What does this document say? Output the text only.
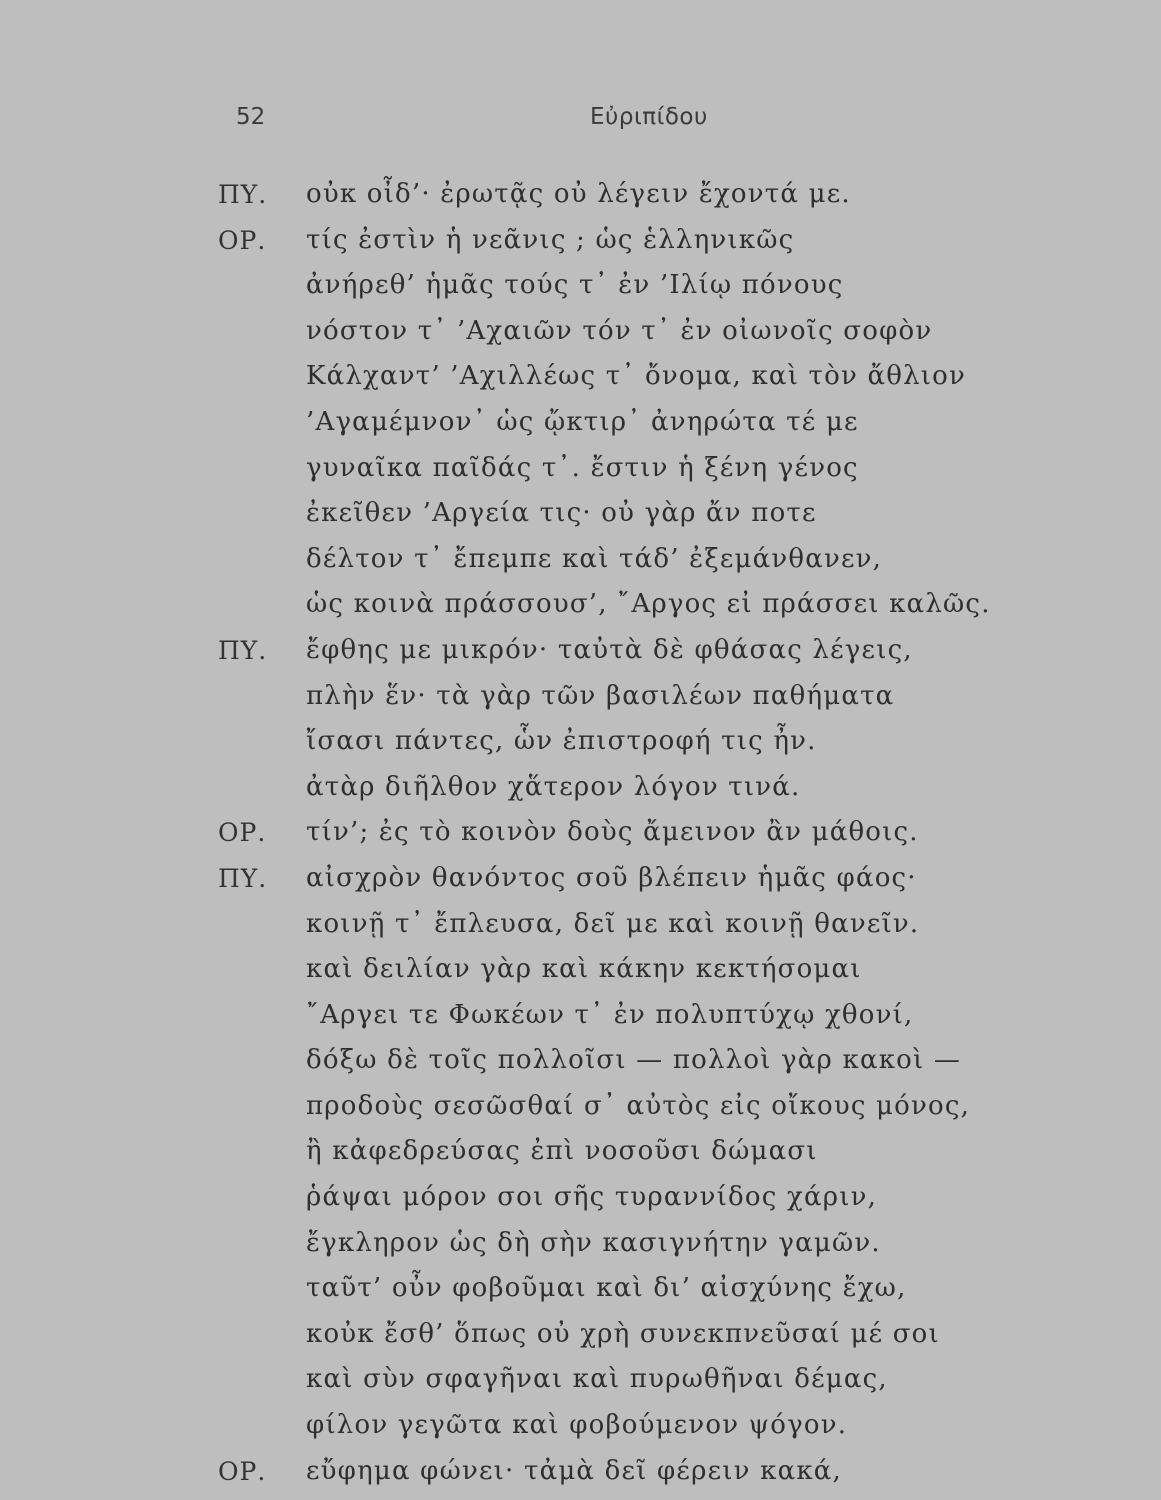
52	Εὐριπίδου
ΠΥ. οὐκ οἶδ’· ἐρωτᾷς οὐ λέγειν ἔχοντά με.
ΟΡ. τίς ἐστὶν ἡ νεᾶνις ; ὡς ἑλληνικῶς
ἀνήρεθ’ ἡμᾶς τούς τ᾽ ἐν ’Ιλίῳ πόνους
νόστον τ᾽ ’Αχαιῶν τόν τ᾽ ἐν οἰωνοῖς σοφὸν
Κάλχαντ’ ’Αχιλλέως τ᾽ ὄνομα, καὶ τὸν ἄθλιον
’Αγαμέμνον᾽ ὡς ᾤκτιρ᾽ ἀνηρώτα τέ με
γυναῖκα παῖδάς τ᾽. ἔστιν ἡ ξένη γένος
ἐκεῖθεν ’Αργεία τις· οὐ γὰρ ἄν ποτε
δέλτον τ᾽ ἔπεμπε καὶ τάδ’ ἐξεμάνθανεν,
ὡς κοινὰ πράσσουσ’, ῎Αργος εἰ πράσσει καλῶς.
ΠΥ. ἔφθης με μικρόν· ταὐτὰ δὲ φθάσας λέγεις,
πλὴν ἕν· τὰ γὰρ τῶν βασιλέων παθήματα
ἴσασι πάντες, ὧν ἐπιστροφή τις ἦν.
ἀτὰρ διῆλθον χἅτερον λόγον τινά.
ΟΡ. τίν’; ἐς τὸ κοινὸν δοὺς ἄμεινον ἂν μάθοις.
ΠΥ. αἰσχρὸν θανόντος σοῦ βλέπειν ἡμᾶς φάος·
κοινῇ τ᾽ ἔπλευσα, δεῖ με καὶ κοινῇ θανεῖν.
καὶ δειλίαν γὰρ καὶ κάκην κεκτήσομαι
῎Αργει τε Φωκέων τ᾽ ἐν πολυπτύχῳ χθονί,
δόξω δὲ τοῖς πολλοῖσι — πολλοὶ γὰρ κακοὶ —
προδοὺς σεσῶσθαί σ᾽ αὐτὸς εἰς οἴκους μόνος,
ἢ κἀφεδρεύσας ἐπὶ νοσοῦσι δώμασι
ῥάψαι μόρον σοι σῆς τυραννίδος χάριν,
ἔγκληρον ὡς δὴ σὴν κασιγνήτην γαμῶν.
ταῦτ’ οὖν φοβοῦμαι καὶ δι’ αἰσχύνης ἔχω,
κοὐκ ἔσθ’ ὅπως οὐ χρὴ συνεκπνεῦσαί μέ σοι
καὶ σὺν σφαγῆναι καὶ πυρωθῆναι δέμας,
φίλον γεγῶτα καὶ φοβούμενον ψόγον.
ΟΡ. εὔφημα φώνει· τἀμὰ δεῖ φέρειν κακά,
